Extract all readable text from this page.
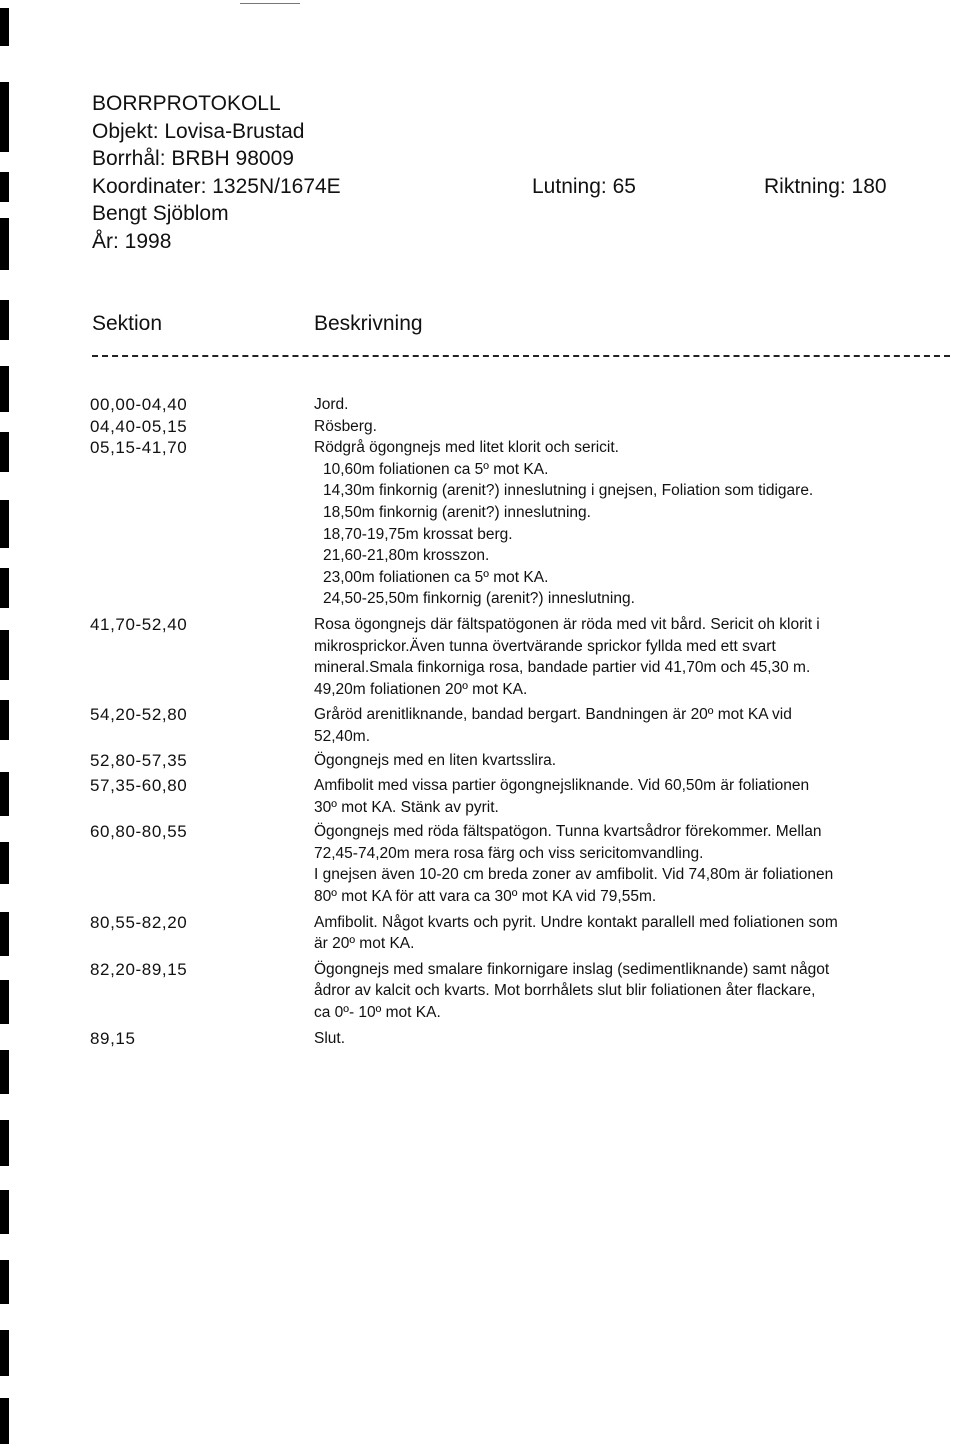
BORRPROTOKOLL
Objekt: Lovisa-Brustad
Borrhål: BRBH 98009
Koordinater: 1325N/1674E	Lutning: 65	Riktning: 180
Bengt Sjöblom
År: 1998
Sektion	Beskrivning
00,00-04,40	Jord.
04,40-05,15	Rösberg.
05,15-41,70	Rödgrå ögongnejs med litet klorit och sericit.
10,60m foliationen ca 5º mot KA.
14,30m finkornig (arenit?) inneslutning i gnejsen, Foliation som tidigare.
18,50m finkornig (arenit?) inneslutning.
18,70-19,75m krossat berg.
21,60-21,80m krosszon.
23,00m foliationen ca 5º mot KA.
24,50-25,50m finkornig (arenit?) inneslutning.
41,70-52,40	Rosa ögongnejs där fältspatögonen är röda med vit bård. Sericit oh klorit i
mikrosprickor.Även tunna övertvärande sprickor fyllda med ett svart
mineral.Smala finkorniga rosa, bandade partier vid 41,70m och 45,30 m.
49,20m foliationen 20º mot KA.
54,20-52,80	Gråröd arenitliknande, bandad bergart. Bandningen är 20º mot KA vid
52,40m.
52,80-57,35	Ögongnejs med en liten kvartsslira.
57,35-60,80	Amfibolit med vissa partier ögongnejsliknande. Vid 60,50m är foliationen
30º mot KA. Stänk av pyrit.
60,80-80,55	Ögongnejs med röda fältspatögon. Tunna kvartsådror förekommer. Mellan
72,45-74,20m mera rosa färg och viss sericitomvandling.
I gnejsen även 10-20 cm breda zoner av amfibolit. Vid 74,80m är foliationen
80º mot KA för att vara ca 30º mot KA vid 79,55m.
80,55-82,20	Amfibolit. Något kvarts och pyrit. Undre kontakt parallell med foliationen som
är 20º mot KA.
82,20-89,15	Ögongnejs med smalare finkornigare inslag (sedimentliknande) samt något
ådror av kalcit och kvarts. Mot borrhålets slut blir foliationen åter flackare,
ca 0º- 10º mot KA.
89,15	Slut.
